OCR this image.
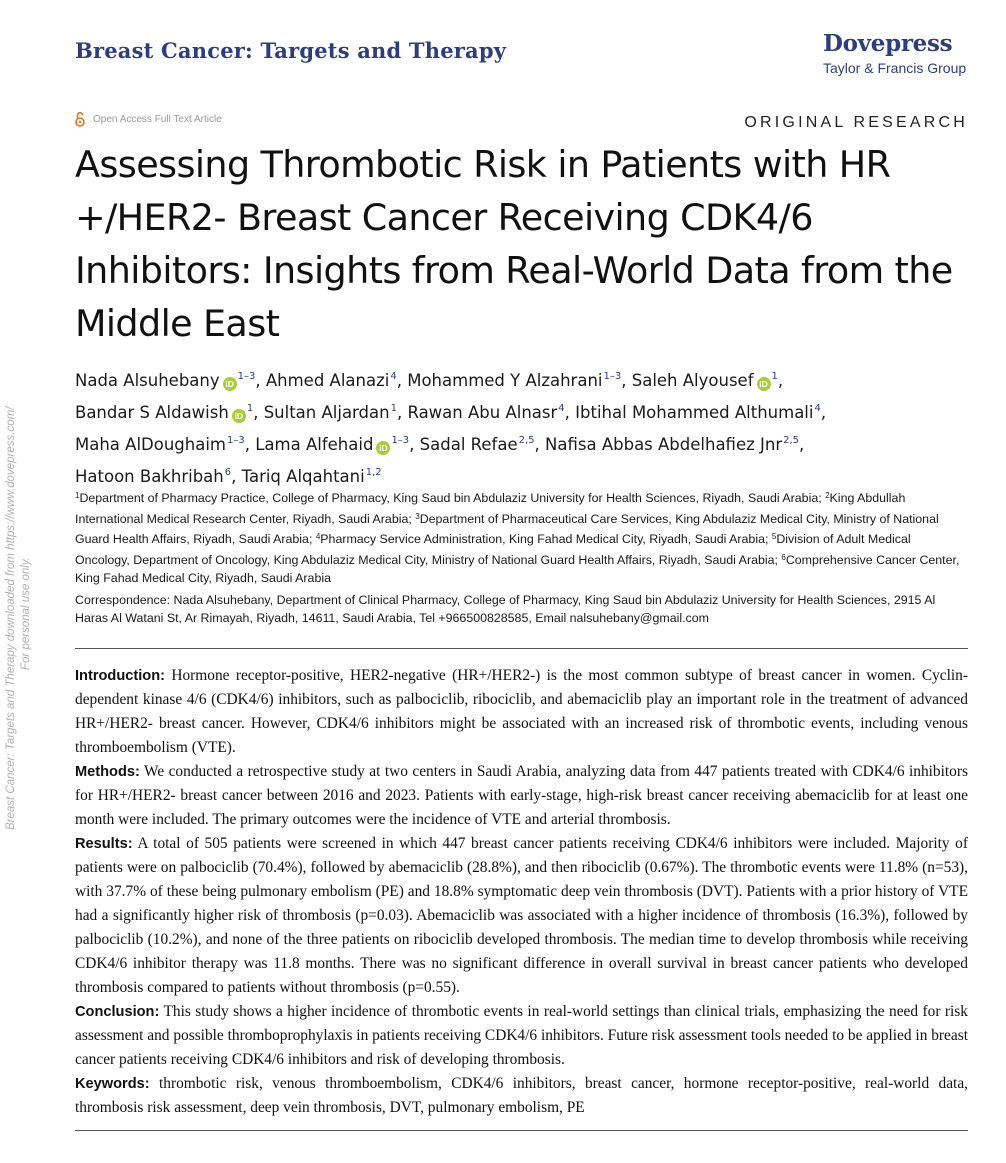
Breast Cancer: Targets and Therapy	Dovepress
Taylor & Francis Group
Open Access Full Text Article	ORIGINAL RESEARCH
Assessing Thrombotic Risk in Patients with HR +/HER2- Breast Cancer Receiving CDK4/6 Inhibitors: Insights from Real-World Data from the Middle East
Breast Cancer: Targets and Therapy downloaded from https://www.dovepress.com/ For personal use only.
Nada Alsuhebany $iD^{1-3}$, Ahmed Alanazi$^4$, Mohammed Y Alzahrani$^{1-3}$, Saleh Alyousef $iD^1$,
Bandar S Aldawish $iD^1$, Sultan Aljardan$^1$, Rawan Abu Alnasr$^4$, Ibtihal Mohammed Althumali$^4$,
Maha AlDoughaim$^{1-3}$, Lama Alfehaid $iD^{1-3}$, Sadal Refae$^{2,5}$, Nafisa Abbas Abdelhafiez Jnr$^{2,5}$,
Hatoon Bakhribah$^6$, Tariq Alqahtani$^{1,2}$
$^1$Department of Pharmacy Practice, College of Pharmacy, King Saud bin Abdulaziz University for Health Sciences, Riyadh, Saudi Arabia; $^2$King Abdullah International Medical Research Center, Riyadh, Saudi Arabia; $^3$Department of Pharmaceutical Care Services, King Abdulaziz Medical City, Ministry of National Guard Health Affairs, Riyadh, Saudi Arabia; $^4$Pharmacy Service Administration, King Fahad Medical City, Riyadh, Saudi Arabia; $^5$Division of Adult Medical Oncology, Department of Oncology, King Abdulaziz Medical City, Ministry of National Guard Health Affairs, Riyadh, Saudi Arabia; $^6$Comprehensive Cancer Center, King Fahad Medical City, Riyadh, Saudi Arabia
Correspondence: Nada Alsuhebany, Department of Clinical Pharmacy, College of Pharmacy, King Saud bin Abdulaziz University for Health Sciences, 2915 Al Haras Al Watani St, Ar Rimayah, Riyadh, 14611, Saudi Arabia, Tel +966500828585, Email nalsuhebany@gmail.com

Introduction: Hormone receptor-positive, HER2-negative (HR+/HER2-) is the most common subtype of breast cancer in women. Cyclin-dependent kinase 4/6 (CDK4/6) inhibitors, such as palbociclib, ribociclib, and abemaciclib play an important role in the treatment of advanced HR+/HER2- breast cancer. However, CDK4/6 inhibitors might be associated with an increased risk of thrombotic events, including venous thromboembolism (VTE).

Methods: We conducted a retrospective study at two centers in Saudi Arabia, analyzing data from 447 patients treated with CDK4/6 inhibitors for HR+/HER2- breast cancer between 2016 and 2023. Patients with early-stage, high-risk breast cancer receiving abemaciclib for at least one month were included. The primary outcomes were the incidence of VTE and arterial thrombosis.

Results: A total of 505 patients were screened in which 447 breast cancer patients receiving CDK4/6 inhibitors were included. Majority of patients were on palbociclib (70.4%), followed by abemaciclib (28.8%), and then ribociclib (0.67%). The thrombotic events were 11.8% (n=53), with 37.7% of these being pulmonary embolism (PE) and 18.8% symptomatic deep vein thrombosis (DVT). Patients with a prior history of VTE had a significantly higher risk of thrombosis (p=0.03). Abemaciclib was associated with a higher incidence of thrombosis (16.3%), followed by palbociclib (10.2%), and none of the three patients on ribociclib developed thrombosis. The median time to develop thrombosis while receiving CDK4/6 inhibitor therapy was 11.8 months. There was no significant difference in overall survival in breast cancer patients who developed thrombosis compared to patients without thrombosis (p=0.55).

Conclusion: This study shows a higher incidence of thrombotic events in real-world settings than clinical trials, emphasizing the need for risk assessment and possible thromboprophylaxis in patients receiving CDK4/6 inhibitors. Future risk assessment tools needed to be applied in breast cancer patients receiving CDK4/6 inhibitors and risk of developing thrombosis.

Keywords: thrombotic risk, venous thromboembolism, CDK4/6 inhibitors, breast cancer, hormone receptor-positive, real-world data, thrombosis risk assessment, deep vein thrombosis, DVT, pulmonary embolism, PE
